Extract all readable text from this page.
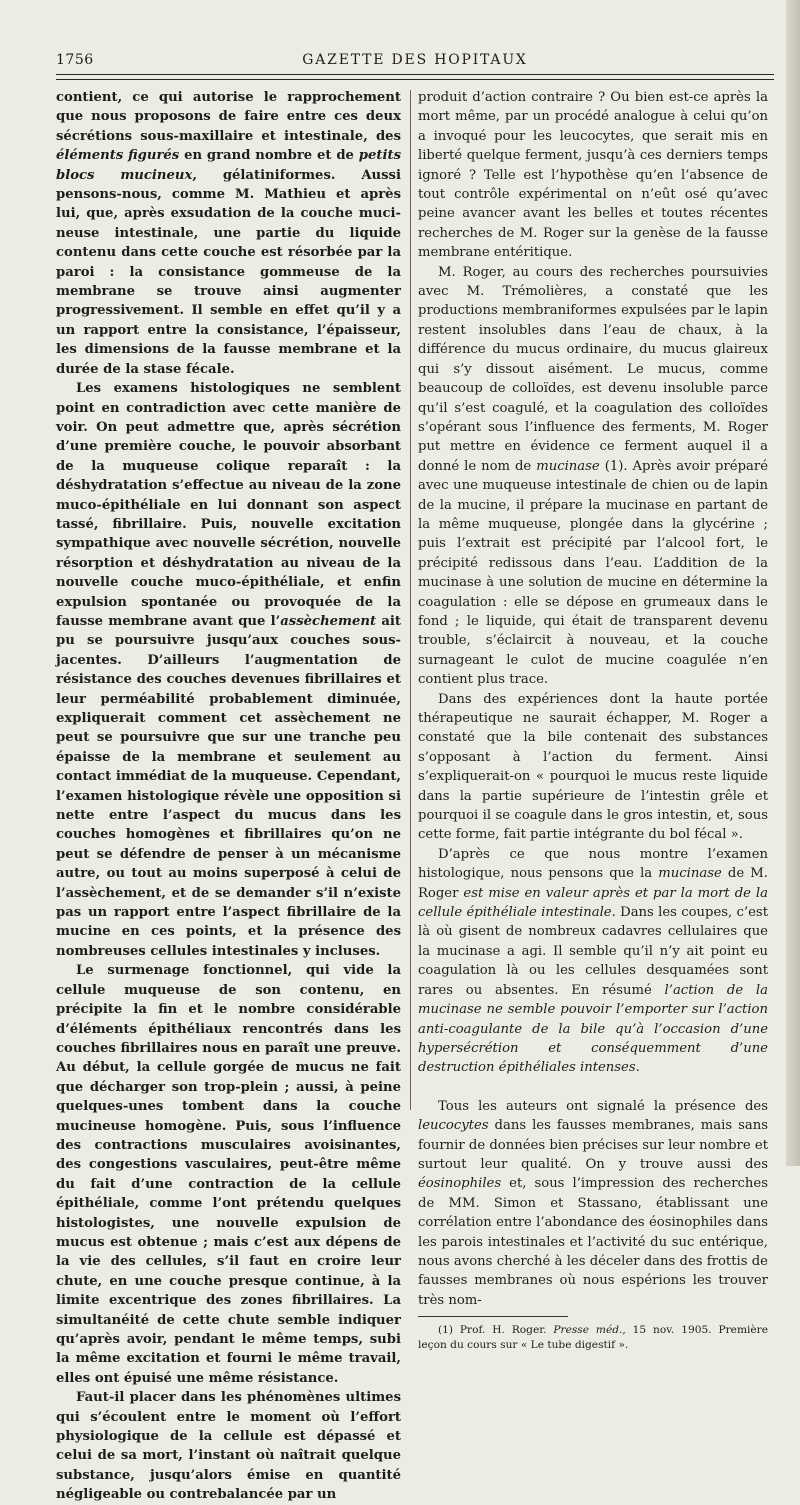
1756	GAZETTE DES HOPITAUX

contient, ce qui autorise le rapprochement que nous proposons de faire entre ces deux sécrétions sous-maxillaire et intestinale, des éléments figurés en grand nombre et de petits blocs mucineux, gélatiniformes. Aussi pensons-nous, comme M. Mathieu et après lui, que, après exsudation de la couche muci-neuse intestinale, une partie du liquide contenu dans cette couche est résorbée par la paroi : la consistance gommeuse de la membrane se trouve ainsi augmenter progressivement. Il semble en effet qu’il y a un rapport entre la consistance, l’épaisseur, les dimensions de la fausse membrane et la durée de la stase fécale.

Les examens histologiques ne semblent point en contradiction avec cette manière de voir. On peut admettre que, après sécrétion d’une première couche, le pouvoir absorbant de la muqueuse colique reparaît : la déshydratation s’effectue au niveau de la zone muco-épithéliale en lui donnant son aspect tassé, fibrillaire. Puis, nouvelle excitation sympathique avec nouvelle sécrétion, nouvelle résorption et déshydratation au niveau de la nouvelle couche muco-épithéliale, et enfin expulsion spontanée ou provoquée de la fausse membrane avant que l’assèchement ait pu se poursuivre jusqu’aux couches sous-jacentes. D’ailleurs l’augmentation de résistance des couches devenues fibrillaires et leur perméabilité probablement diminuée, expliquerait comment cet assèchement ne peut se poursuivre que sur une tranche peu épaisse de la membrane et seulement au contact immédiat de la muqueuse. Cependant, l’examen histologique révèle une opposition si nette entre l’aspect du mucus dans les couches homogènes et fibrillaires qu’on ne peut se défendre de penser à un mécanisme autre, ou tout au moins superposé à celui de l’assèchement, et de se demander s’il n’existe pas un rapport entre l’aspect fibrillaire de la mucine en ces points, et la présence des nombreuses cellules intestinales y incluses.

Le surmenage fonctionnel, qui vide la cellule muqueuse de son contenu, en précipite la fin et le nombre considérable d’éléments épithéliaux rencontrés dans les couches fibrillaires nous en paraît une preuve. Au début, la cellule gorgée de mucus ne fait que décharger son trop-plein ; aussi, à peine quelques-unes tombent dans la couche mucineuse homogène. Puis, sous l’influence des contractions musculaires avoisinantes, des congestions vasculaires, peut-être même du fait d’une contraction de la cellule épithéliale, comme l’ont prétendu quelques histologistes, une nouvelle expulsion de mucus est obtenue ; mais c’est aux dépens de la vie des cellules, s’il faut en croire leur chute, en une couche presque continue, à la limite excentrique des zones fibrillaires. La simultanéité de cette chute semble indiquer qu’après avoir, pendant le même temps, subi la même excitation et fourni le même travail, elles ont épuisé une même résistance.

Faut-il placer dans les phénomènes ultimes qui s’écoulent entre le moment où l’effort physiologique de la cellule est dépassé et celui de sa mort, l’instant où naîtrait quelque substance, jusqu’alors émise en quantité négligeable ou contrebalancée par un

produit d’action contraire ? Ou bien est-ce après la mort même, par un procédé analogue à celui qu’on a invoqué pour les leucocytes, que serait mis en liberté quelque ferment, jusqu’à ces derniers temps ignoré ? Telle est l’hypothèse qu’en l’absence de tout contrôle expérimental on n’eût osé qu’avec peine avancer avant les belles et toutes récentes recherches de M. Roger sur la genèse de la fausse membrane entéritique.

M. Roger, au cours des recherches poursuivies avec M. Trémolières, a constaté que les productions membraniformes expulsées par le lapin restent insolubles dans l’eau de chaux, à la différence du mucus ordinaire, du mucus glaireux qui s’y dissout aisément. Le mucus, comme beaucoup de colloïdes, est devenu insoluble parce qu’il s’est coagulé, et la coagulation des colloïdes s’opérant sous l’influence des ferments, M. Roger put mettre en évidence ce ferment auquel il a donné le nom de mucinase (1). Après avoir préparé avec une muqueuse intestinale de chien ou de lapin de la mucine, il prépare la mucinase en partant de la même muqueuse, plongée dans la glycérine ; puis l’extrait est précipité par l’alcool fort, le précipité redissous dans l’eau. L’addition de la mucinase à une solution de mucine en détermine la coagulation : elle se dépose en grumeaux dans le fond ; le liquide, qui était de transparent devenu trouble, s’éclaircit à nouveau, et la couche surnageant le culot de mucine coagulée n’en contient plus trace.

Dans des expériences dont la haute portée thérapeutique ne saurait échapper, M. Roger a constaté que la bile contenait des substances s’opposant à l’action du ferment. Ainsi s’expliquerait-on « pourquoi le mucus reste liquide dans la partie supérieure de l’intestin grêle et pourquoi il se coagule dans le gros intestin, et, sous cette forme, fait partie intégrante du bol fécal ».

D’après ce que nous montre l’examen histologique, nous pensons que la mucinase de M. Roger est mise en valeur après et par la mort de la cellule épithéliale intestinale. Dans les coupes, c’est là où gisent de nombreux cadavres cellulaires que la mucinase a agi. Il semble qu’il n’y ait point eu coagulation là ou les cellules desquamées sont rares ou absentes. En résumé l’action de la mucinase ne semble pouvoir l’emporter sur l’action anti-coagulante de la bile qu’à l’occasion d’une hypersécrétion et conséquemment d’une destruction épithéliales intenses.

Tous les auteurs ont signalé la présence des leucocytes dans les fausses membranes, mais sans fournir de données bien précises sur leur nombre et surtout leur qualité. On y trouve aussi des éosinophiles et, sous l’impression des recherches de MM. Simon et Stassano, établissant une corrélation entre l’abondance des éosinophiles dans les parois intestinales et l’activité du suc entérique, nous avons cherché à les déceler dans des frottis de fausses membranes où nous espérions les trouver très nom-

(1) Prof. H. Roger. Presse méd., 15 nov. 1905. Première leçon du cours sur « Le tube digestif ».
